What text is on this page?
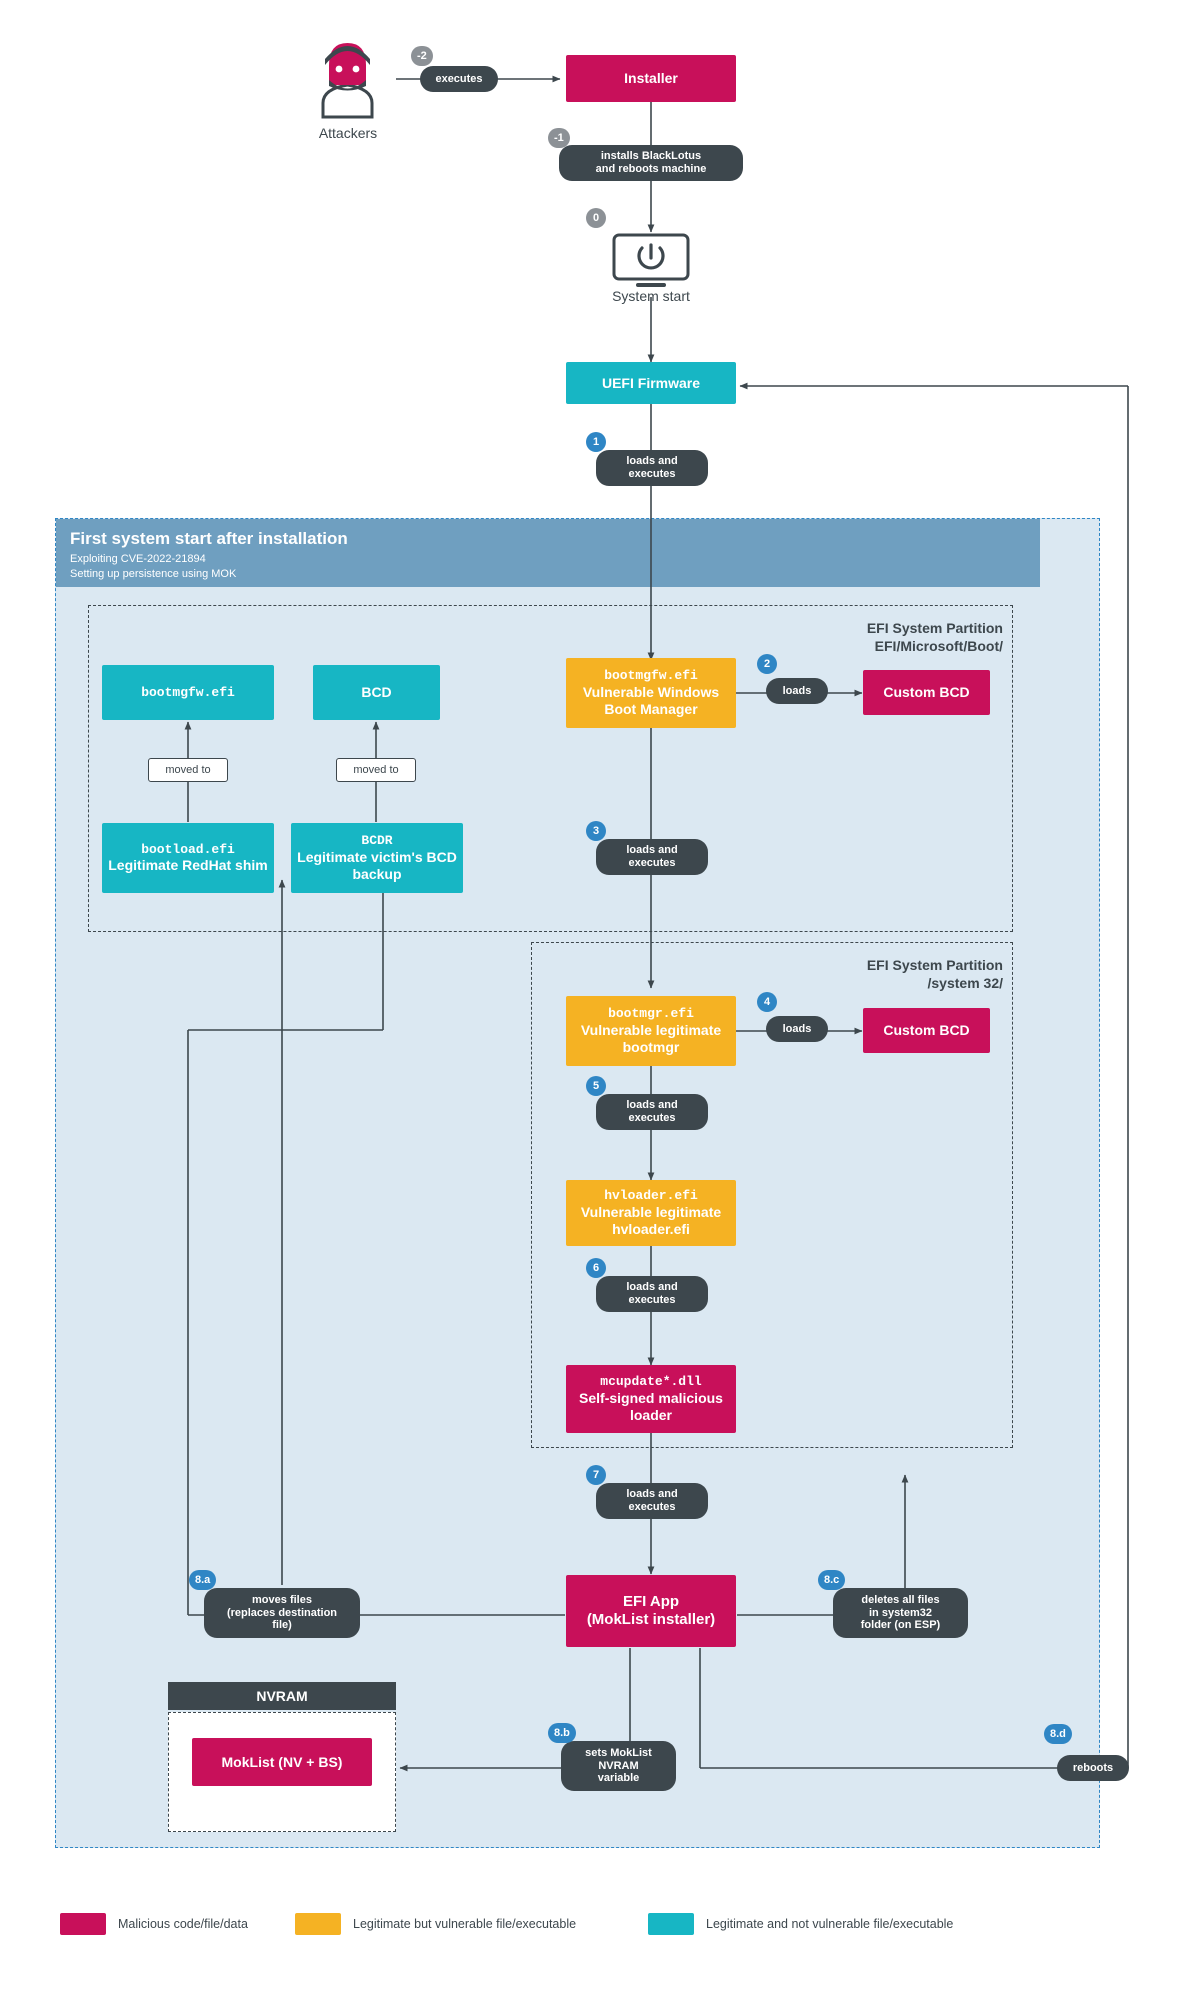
First system start after installation
Exploiting CVE-2022-21894
Setting up persistence using MOK
EFI System Partition
EFI/Microsoft/Boot/
EFI System Partition
/system 32/
Attackers
System start
Installer
UEFI Firmware
bootmgfw.efi	BCD
bootload.efi
Legitimate RedHat shim
BCDR
Legitimate victim's BCD backup
bootmgfw.efi
Vulnerable Windows Boot Manager
Custom BCD
bootmgr.efi
Vulnerable legitimate bootmgr
Custom BCD
hvloader.efi
Vulnerable legitimate hvloader.efi
mcupdate*.dll
Self-signed malicious loader
EFI App
(MokList installer)
NVRAM
MokList (NV + BS)
-2
executes
-1
installs BlackLotus
and reboots machine
0
1
loads and
executes
2
loads
3
loads and
executes
4
loads
5
loads and
executes
6
loads and
executes
7
loads and
executes
moved to	moved to
8.a
moves files
(replaces destination
file)
8.c
deletes all files
in system32
folder (on ESP)
8.b
sets MokList
NVRAM
variable
8.d
reboots
Malicious code/file/data	Legitimate but vulnerable file/executable	Legitimate and not vulnerable file/executable
